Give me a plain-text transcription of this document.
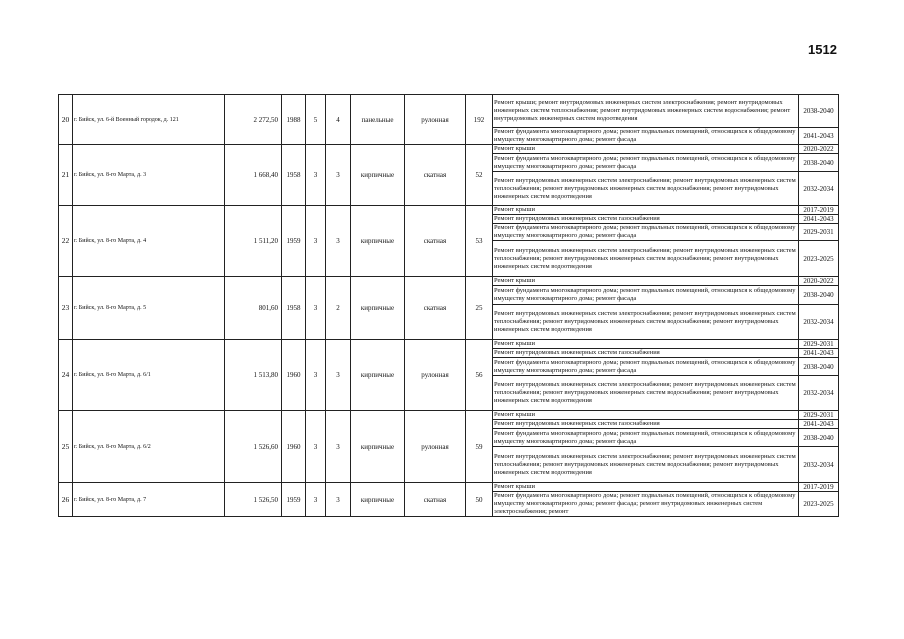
1512
20	г. Бийск, ул. 6-й Военный городок, д. 121	2 272,50	1988	5	4	панельные	рулонная	192	Ремонт крыши; ремонт внутридомовых инженерных систем электроснабжения; ремонт внутридомовых инженерных систем теплоснабжения; ремонт внутридомовых инженерных систем водоснабжения; ремонт внутридомовых инженерных систем водоотведения	2038-2040
									Ремонт фундамента многоквартирного дома; ремонт подвальных помещений, относящихся к общедомовому имуществу многоквартирного дома; ремонт фасада	2041-2043
21	г. Бийск, ул. 8-го Марта, д. 3	1 668,40	1958	3	3	кирпичные	скатная	52	Ремонт крыши	2020-2022
									Ремонт фундамента многоквартирного дома; ремонт подвальных помещений, относящихся к общедомовому имуществу многоквартирного дома; ремонт фасада	2038-2040
									Ремонт внутридомовых инженерных систем электроснабжения; ремонт внутридомовых инженерных систем теплоснабжения; ремонт внутридомовых инженерных систем водоснабжения; ремонт внутридомовых инженерных систем водоотведения	2032-2034
22	г. Бийск, ул. 8-го Марта, д. 4	1 511,20	1959	3	3	кирпичные	скатная	53	Ремонт крыши	2017-2019
									Ремонт внутридомовых инженерных систем газоснабжения	2041-2043
									Ремонт фундамента многоквартирного дома; ремонт подвальных помещений, относящихся к общедомовому имуществу многоквартирного дома; ремонт фасада	2029-2031
									Ремонт внутридомовых инженерных систем электроснабжения; ремонт внутридомовых инженерных систем теплоснабжения; ремонт внутридомовых инженерных систем водоснабжения; ремонт внутридомовых инженерных систем водоотведения	2023-2025
23	г. Бийск, ул. 8-го Марта, д. 5	801,60	1958	3	2	кирпичные	скатная	25	Ремонт крыши	2020-2022
									Ремонт фундамента многоквартирного дома; ремонт подвальных помещений, относящихся к общедомовому имуществу многоквартирного дома; ремонт фасада	2038-2040
									Ремонт внутридомовых инженерных систем электроснабжения; ремонт внутридомовых инженерных систем теплоснабжения; ремонт внутридомовых инженерных систем водоснабжения; ремонт внутридомовых инженерных систем водоотведения	2032-2034
24	г. Бийск, ул. 8-го Марта, д. 6/1	1 513,80	1960	3	3	кирпичные	рулонная	56	Ремонт крыши	2029-2031
									Ремонт внутридомовых инженерных систем газоснабжения	2041-2043
									Ремонт фундамента многоквартирного дома; ремонт подвальных помещений, относящихся к общедомовому имуществу многоквартирного дома; ремонт фасада	2038-2040
									Ремонт внутридомовых инженерных систем электроснабжения; ремонт внутридомовых инженерных систем теплоснабжения; ремонт внутридомовых инженерных систем водоснабжения; ремонт внутридомовых инженерных систем водоотведения	2032-2034
25	г. Бийск, ул. 8-го Марта, д. 6/2	1 526,60	1960	3	3	кирпичные	рулонная	59	Ремонт крыши	2029-2031
									Ремонт внутридомовых инженерных систем газоснабжения	2041-2043
									Ремонт фундамента многоквартирного дома; ремонт подвальных помещений, относящихся к общедомовому имуществу многоквартирного дома; ремонт фасада	2038-2040
									Ремонт внутридомовых инженерных систем электроснабжения; ремонт внутридомовых инженерных систем теплоснабжения; ремонт внутридомовых инженерных систем водоснабжения; ремонт внутридомовых инженерных систем водоотведения	2032-2034
26	г. Бийск, ул. 8-го Марта, д. 7	1 526,50	1959	3	3	кирпичные	скатная	50	Ремонт крыши	2017-2019
									Ремонт фундамента многоквартирного дома; ремонт подвальных помещений, относящихся к общедомовому имуществу многоквартирного дома; ремонт фасада; ремонт внутридомовых инженерных систем электроснабжения; ремонт	2023-2025
